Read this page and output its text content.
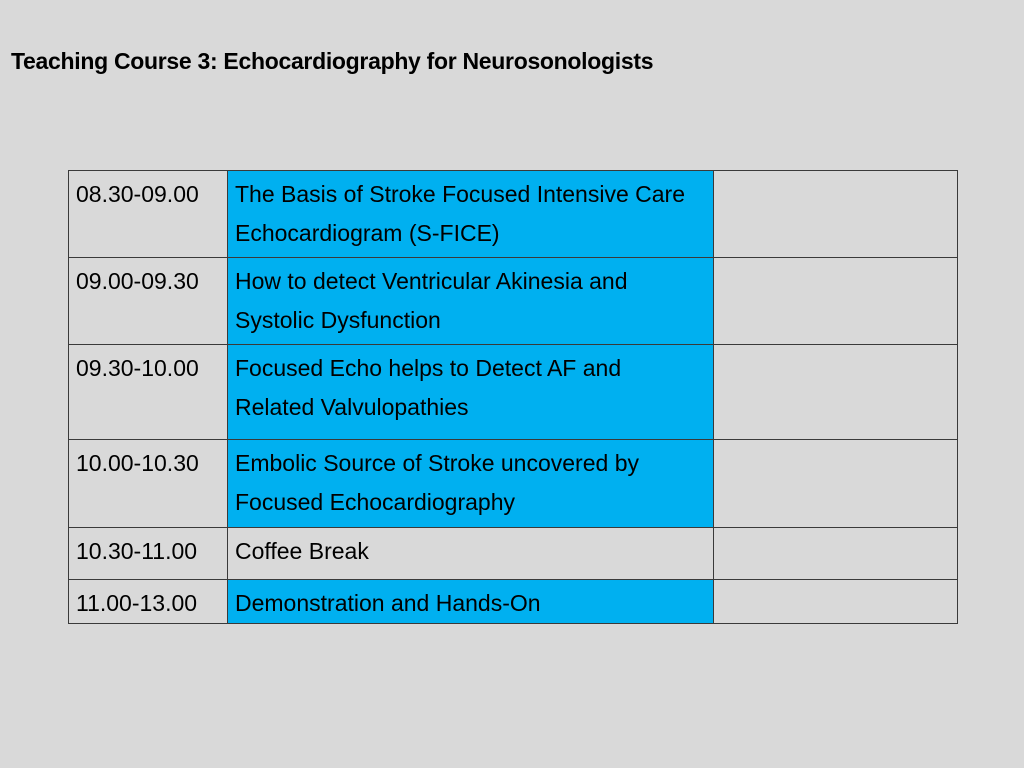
Teaching Course 3: Echocardiography for Neurosonologists
08.30-09.00	The Basis of Stroke Focused Intensive Care Echocardiogram (S-FICE)	
09.00-09.30	How to detect Ventricular Akinesia and Systolic Dysfunction	
09.30-10.00	Focused Echo helps to Detect AF and Related Valvulopathies	
10.00-10.30	Embolic Source of Stroke uncovered by Focused Echocardiography	
10.30-11.00	Coffee Break	
11.00-13.00	Demonstration and Hands-On	
